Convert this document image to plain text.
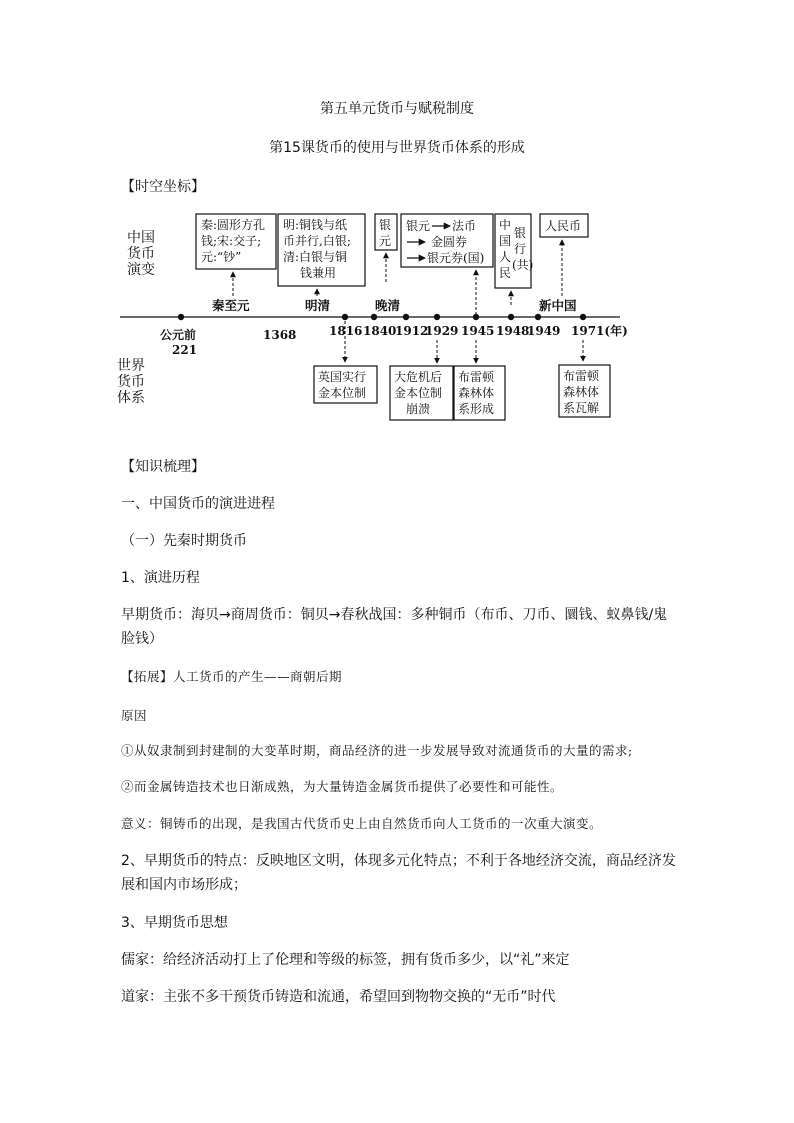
第五单元货币与赋税制度
第15课货币的使用与世界货币体系的形成
【时空坐标】
中国
货币
演变
世界
货币
体系
秦:圆形方孔
钱;宋:交子;
元:“钞”
明:铜钱与纸
币并行,白银;
清:白银与铜
钱兼用
银
元
银元 法币
金圆券
银元券(国)
中
国
人
民
银
行
(共)
人民币
秦至元	明清	晚清	新中国
公元前
221
1368	1816 1840
1912
1929 1945 1948
1949 1971(年)
英国实行
金本位制
大危机后
金本位制
崩溃
布雷顿
森林体
系形成
布雷顿
森林体
系瓦解
【知识梳理】
一、中国货币的演进进程
（一）先秦时期货币
1、演进历程
早期货币：海贝→商周货币：铜贝→春秋战国：多种铜币（布币、刀币、圜钱、蚁鼻钱/鬼
脸钱）
【拓展】人工货币的产生——商朝后期
原因
①从奴隶制到封建制的大变革时期，商品经济的进一步发展导致对流通货币的大量的需求;
②而金属铸造技术也日渐成熟，为大量铸造金属货币提供了必要性和可能性。
意义：铜铸币的出现，是我国古代货币史上由自然货币向人工货币的一次重大演变。
2、早期货币的特点：反映地区文明，体现多元化特点；不利于各地经济交流，商品经济发
展和国内市场形成；
3、早期货币思想
儒家：给经济活动打上了伦理和等级的标签，拥有货币多少，以“礼”来定
道家：主张不多干预货币铸造和流通，希望回到物物交换的“无币”时代
